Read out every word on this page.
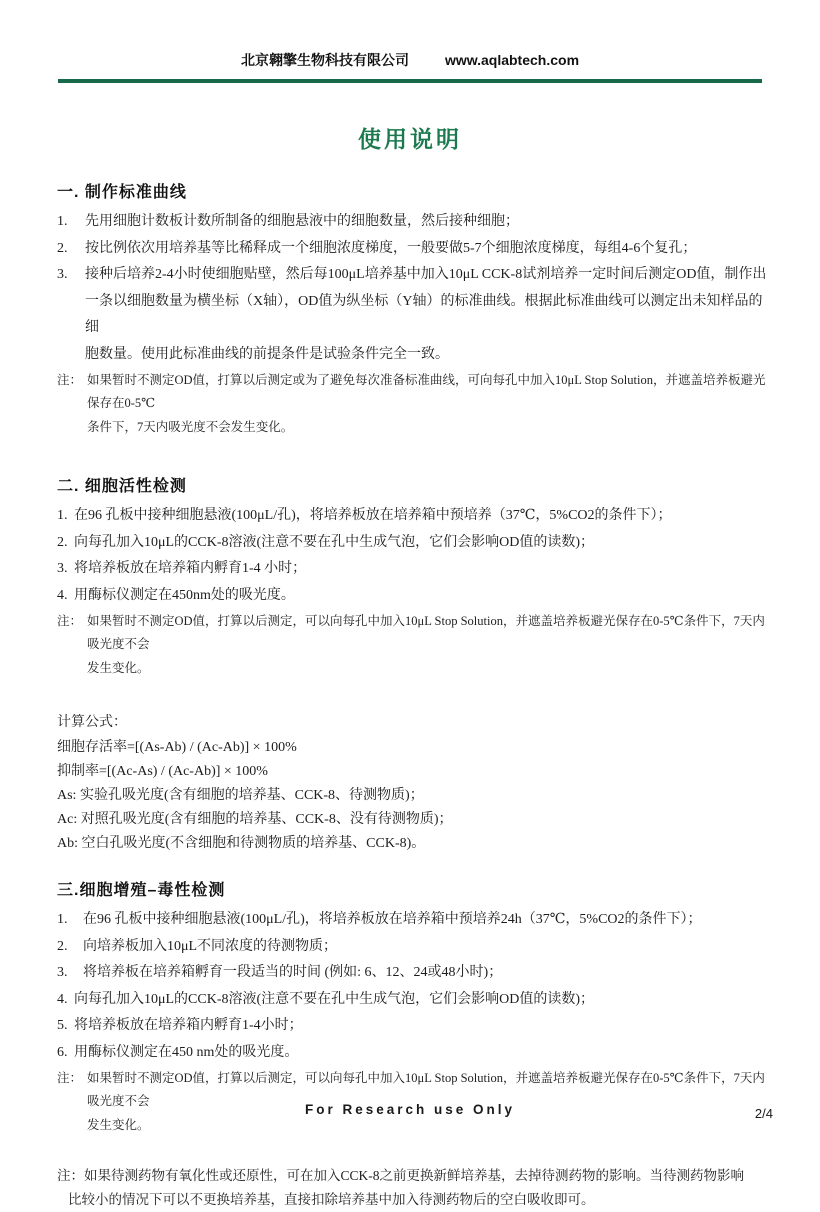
北京翱擎生物科技有限公司	www.aqlabtech.com
使用说明
一. 制作标准曲线
1. 先用细胞计数板计数所制备的细胞悬液中的细胞数量，然后接种细胞；
2. 按比例依次用培养基等比稀释成一个细胞浓度梯度，一般要做5-7个细胞浓度梯度，每组4-6个复孔；
3. 接种后培养2-4小时使细胞贴壁，然后每100μL培养基中加入10μL CCK-8试剂培养一定时间后测定OD值，制作出
一条以细胞数量为横坐标（X轴），OD值为纵坐标（Y轴）的标准曲线。根据此标准曲线可以测定出未知样品的细
胞数量。使用此标准曲线的前提条件是试验条件完全一致。
注： 如果暂时不测定OD值，打算以后测定或为了避免每次准备标准曲线，可向每孔中加入10μL Stop Solution，并遮盖培养板避光保存在0-5℃
条件下，7天内吸光度不会发生变化。
二. 细胞活性检测
1. 在96 孔板中接种细胞悬液(100μL/孔)，将培养板放在培养箱中预培养（37℃，5%CO2的条件下）；
2. 向每孔加入10μL的CCK-8溶液(注意不要在孔中生成气泡，它们会影响OD值的读数)；
3. 将培养板放在培养箱内孵育1-4 小时；
4. 用酶标仪测定在450nm处的吸光度。
注： 如果暂时不测定OD值，打算以后测定，可以向每孔中加入10μL Stop Solution，并遮盖培养板避光保存在0-5℃条件下，7天内吸光度不会
发生变化。
计算公式：
细胞存活率=[(As-Ab) / (Ac-Ab)] × 100%
抑制率=[(Ac-As) / (Ac-Ab)] × 100%
As: 实验孔吸光度(含有细胞的培养基、CCK-8、待测物质)；
Ac: 对照孔吸光度(含有细胞的培养基、CCK-8、没有待测物质)；
Ab: 空白孔吸光度(不含细胞和待测物质的培养基、CCK-8)。
三.细胞增殖–毒性检测
1. 在96 孔板中接种细胞悬液(100μL/孔)，将培养板放在培养箱中预培养24h（37℃，5%CO2的条件下）；
2. 向培养板加入10μL不同浓度的待测物质；
3. 将培养板在培养箱孵育一段适当的时间 (例如: 6、12、24或48小时)；
4. 向每孔加入10μL的CCK-8溶液(注意不要在孔中生成气泡，它们会影响OD值的读数)；
5. 将培养板放在培养箱内孵育1-4小时；
6. 用酶标仪测定在450 nm处的吸光度。
注： 如果暂时不测定OD值，打算以后测定，可以向每孔中加入10μL Stop Solution，并遮盖培养板避光保存在0-5℃条件下，7天内吸光度不会
发生变化。
注：如果待测药物有氧化性或还原性，可在加入CCK-8之前更换新鲜培养基，去掉待测药物的影响。当待测药物影响
比较小的情况下可以不更换培养基，直接扣除培养基中加入待测药物后的空白吸收即可。
For Research use Only	2/4
